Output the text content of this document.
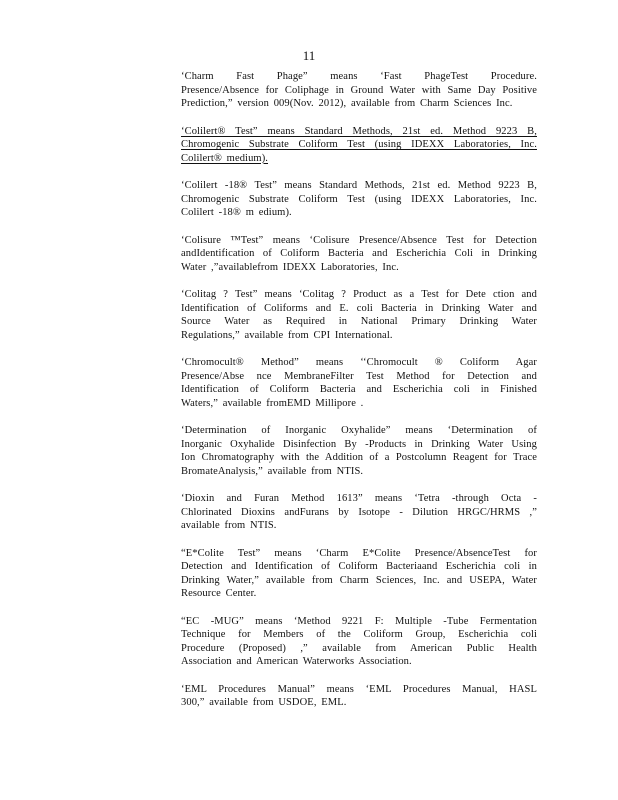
11
‘Charm Fast Phage” means ‘Fast PhageTest Procedure.
Presence/Absence for Coliphage in Ground Water with Same Day Positive
Prediction,” version 009(Nov. 2012), available from Charm Sciences Inc.
‘Colilert® Test” means Standard Methods, 21st ed. Method 9223 B,
Chromogenic Substrate Coliform Test (using IDEXX Laboratories, Inc.
Colilert® medium).
‘Colilert -18® Test” means Standard Methods, 21st ed. Method 9223 B,
Chromogenic Substrate Coliform Test (using IDEXX Laboratories, Inc.
Colilert -18® m edium).
‘Colisure ™Test” means ‘Colisure Presence/Absence Test for Detection
andIdentification of Coliform Bacteria and Escherichia Coli in Drinking
Water ,”availablefrom IDEXX Laboratories, Inc.
‘Colitag ? Test” means ‘Colitag ? Product as a Test for Dete ction and
Identification of Coliforms and E. coli Bacteria in Drinking Water and
Source Water as Required in National Primary Drinking Water
Regulations,” available from CPI International.
‘Chromocult® Method” means ‘‘Chromocult ® Coliform Agar
Presence/Abse nce MembraneFilter Test Method for Detection and
Identification of Coliform Bacteria and Escherichia coli in Finished
Waters,” available fromEMD Millipore .
‘Determination of Inorganic Oxyhalide” means ‘Determination of
Inorganic Oxyhalide Disinfection By -Products in Drinking Water Using
Ion Chromatography with the Addition of a Postcolumn Reagent for Trace
BromateAnalysis,” available from NTIS.
‘Dioxin and Furan Method 1613” means ‘Tetra -through Octa -
Chlorinated Dioxins andFurans by Isotope - Dilution HRGC/HRMS ,”
available from NTIS.
“E*Colite Test” means ‘Charm E*Colite Presence/AbsenceTest for
Detection and Identification of Coliform Bacteriaand Escherichia coli in
Drinking Water,” available from Charm Sciences, Inc. and USEPA, Water
Resource Center.
“EC -MUG” means ‘Method 9221 F: Multiple -Tube Fermentation
Technique for Members of the Coliform Group, Escherichia coli
Procedure (Proposed) ,” available from American Public Health
Association and American Waterworks Association.
‘EML Procedures Manual” means ‘EML Procedures Manual, HASL
300,” available from USDOE, EML.
